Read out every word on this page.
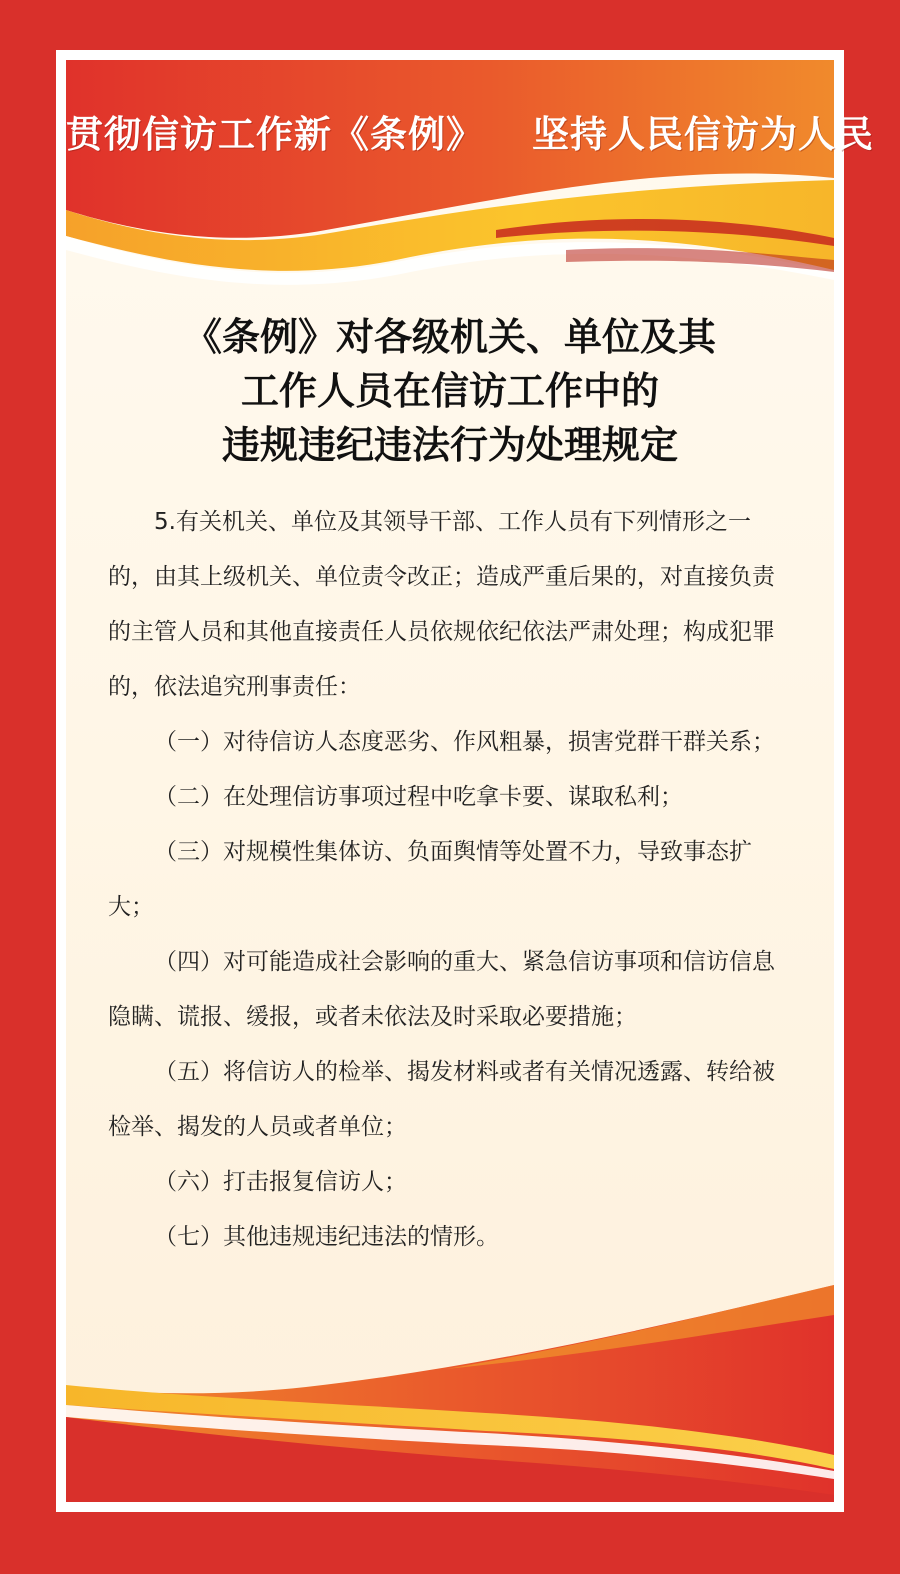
贯彻信访工作新《条例》 坚持人民信访为人民
《条例》对各级机关、单位及其
工作人员在信访工作中的
违规违纪违法行为处理规定

5.有关机关、单位及其领导干部、工作人员有下列情形之一的，由其上级机关、单位责令改正；造成严重后果的，对直接负责的主管人员和其他直接责任人员依规依纪依法严肃处理；构成犯罪的，依法追究刑事责任：

（一）对待信访人态度恶劣、作风粗暴，损害党群干群关系；

（二）在处理信访事项过程中吃拿卡要、谋取私利；

（三）对规模性集体访、负面舆情等处置不力，导致事态扩大；

（四）对可能造成社会影响的重大、紧急信访事项和信访信息隐瞒、谎报、缓报，或者未依法及时采取必要措施；

（五）将信访人的检举、揭发材料或者有关情况透露、转给被检举、揭发的人员或者单位；

（六）打击报复信访人；

（七）其他违规违纪违法的情形。
